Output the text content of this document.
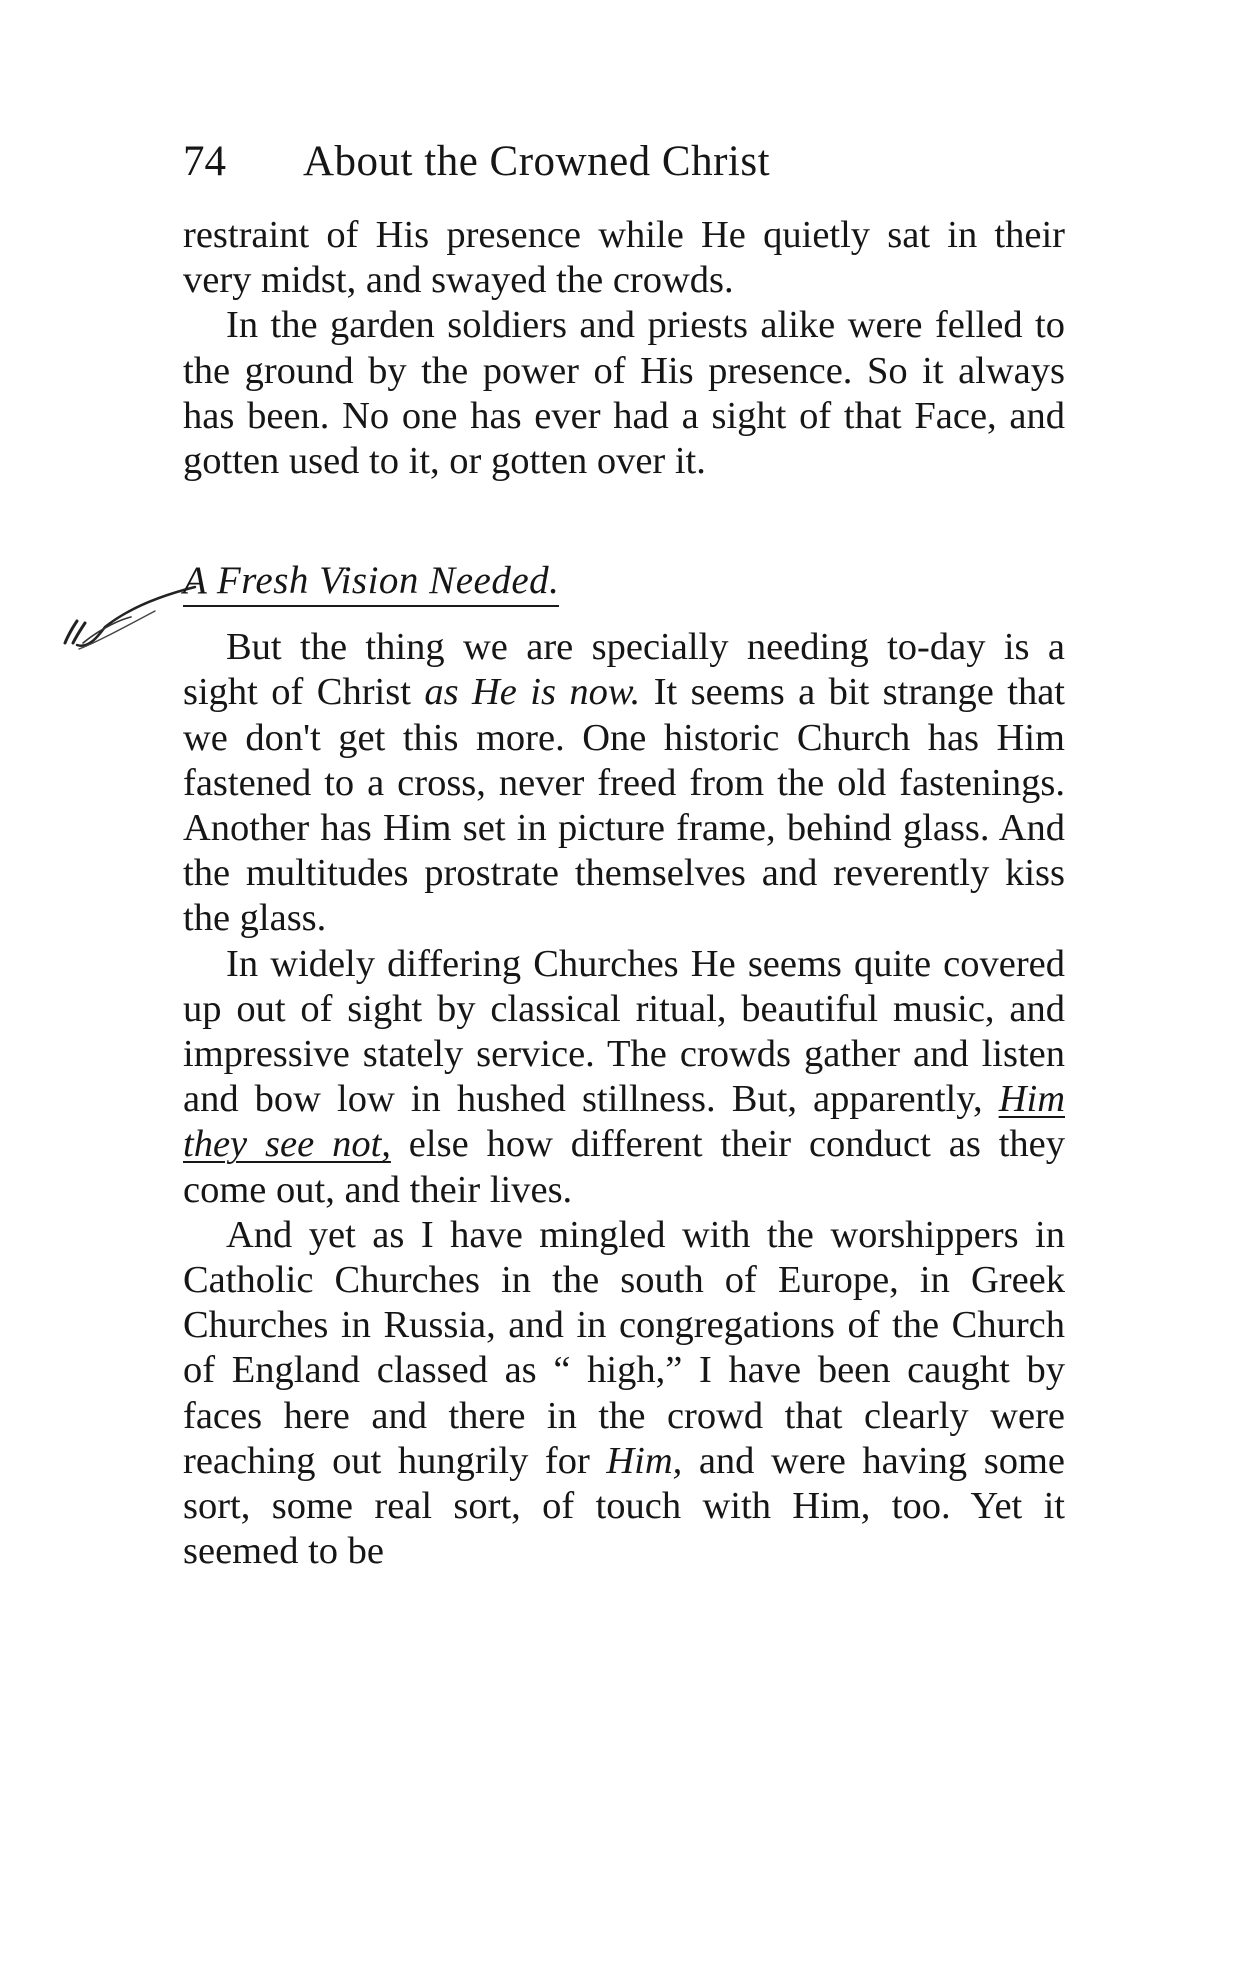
74 About the Crowned Christ

restraint of His presence while He quietly sat in their very midst, and swayed the crowds.

In the garden soldiers and priests alike were felled to the ground by the power of His presence. So it always has been. No one has ever had a sight of that Face, and gotten used to it, or gotten over it.

A Fresh Vision Needed.

But the thing we are specially needing to-day is a sight of Christ as He is now. It seems a bit strange that we don't get this more. One historic Church has Him fastened to a cross, never freed from the old fastenings. Another has Him set in picture frame, behind glass. And the multitudes prostrate themselves and reverently kiss the glass.

In widely differing Churches He seems quite covered up out of sight by classical ritual, beautiful music, and impressive stately service. The crowds gather and listen and bow low in hushed stillness. But, apparently, Him they see not, else how different their conduct as they come out, and their lives.

And yet as I have mingled with the worshippers in Catholic Churches in the south of Europe, in Greek Churches in Russia, and in congregations of the Church of England classed as “ high,” I have been caught by faces here and there in the crowd that clearly were reaching out hungrily for Him, and were having some sort, some real sort, of touch with Him, too. Yet it seemed to be
